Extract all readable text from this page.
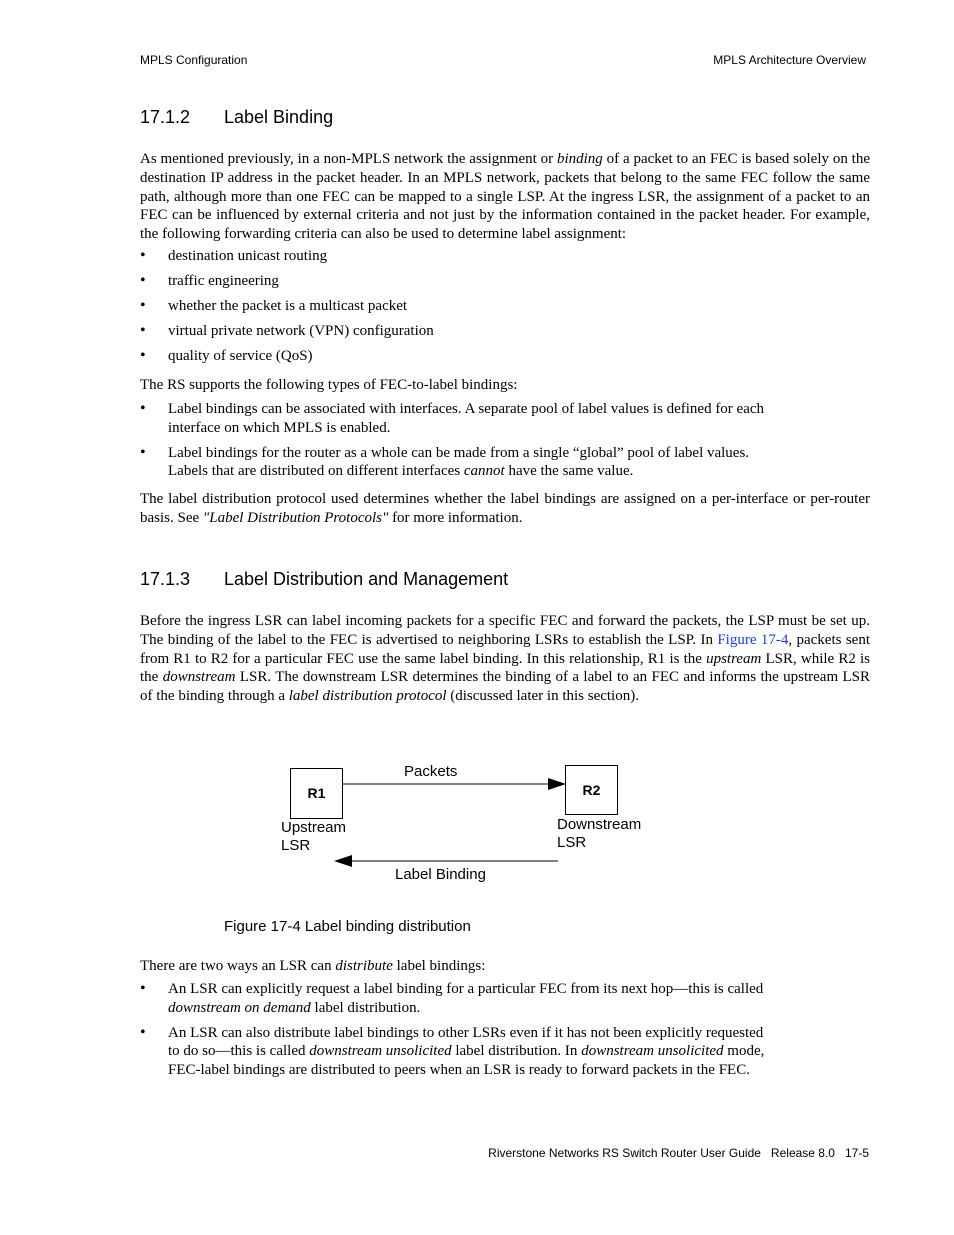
MPLS Configuration	MPLS Architecture Overview
17.1.2 Label Binding

As mentioned previously, in a non-MPLS network the assignment or binding of a packet to an FEC is based solely on the destination IP address in the packet header. In an MPLS network, packets that belong to the same FEC follow the same path, although more than one FEC can be mapped to a single LSP. At the ingress LSR, the assignment of a packet to an FEC can be influenced by external criteria and not just by the information contained in the packet header. For example, the following forwarding criteria can also be used to determine label assignment:

• destination unicast routing
• traffic engineering
• whether the packet is a multicast packet
• virtual private network (VPN) configuration
• quality of service (QoS)

The RS supports the following types of FEC-to-label bindings:

• Label bindings can be associated with interfaces. A separate pool of label values is defined for each
interface on which MPLS is enabled.
• Label bindings for the router as a whole can be made from a single “global” pool of label values.
Labels that are distributed on different interfaces cannot have the same value.

The label distribution protocol used determines whether the label bindings are assigned on a per-interface or per-router basis. See "Label Distribution Protocols" for more information.

17.1.3 Label Distribution and Management

Before the ingress LSR can label incoming packets for a specific FEC and forward the packets, the LSP must be set up. The binding of the label to the FEC is advertised to neighboring LSRs to establish the LSP. In Figure 17-4, packets sent from R1 to R2 for a particular FEC use the same label binding. In this relationship, R1 is the upstream LSR, while R2 is the downstream LSR. The downstream LSR determines the binding of a label to an FEC and informs the upstream LSR of the binding through a label distribution protocol (discussed later in this section).

R1	R2
Packets
Upstream
LSR
Downstream
LSR
Label Binding
Figure 17-4 Label binding distribution

There are two ways an LSR can distribute label bindings:

• An LSR can explicitly request a label binding for a particular FEC from its next hop—this is called
downstream on demand label distribution.
• An LSR can also distribute label bindings to other LSRs even if it has not been explicitly requested
to do so—this is called downstream unsolicited label distribution. In downstream unsolicited mode,
FEC-label bindings are distributed to peers when an LSR is ready to forward packets in the FEC.
Riverstone Networks RS Switch Router User Guide   Release 8.0   17-5
